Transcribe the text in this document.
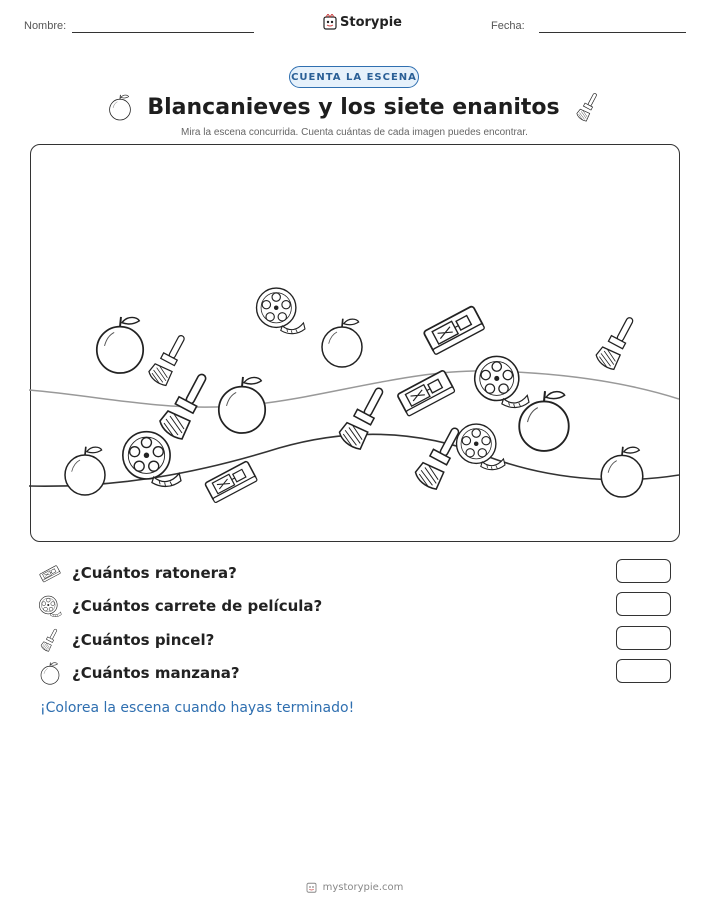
Nombre:	Storypie	Fecha:
CUENTA LA ESCENA
Blancanieves y los siete enanitos
Mira la escena concurrida. Cuenta cuántas de cada imagen puedes encontrar.
¿Cuántos ratonera?
¿Cuántos carrete de película?
¿Cuántos pincel?
¿Cuántos manzana?
¡Colorea la escena cuando hayas terminado!
mystorypie.com
